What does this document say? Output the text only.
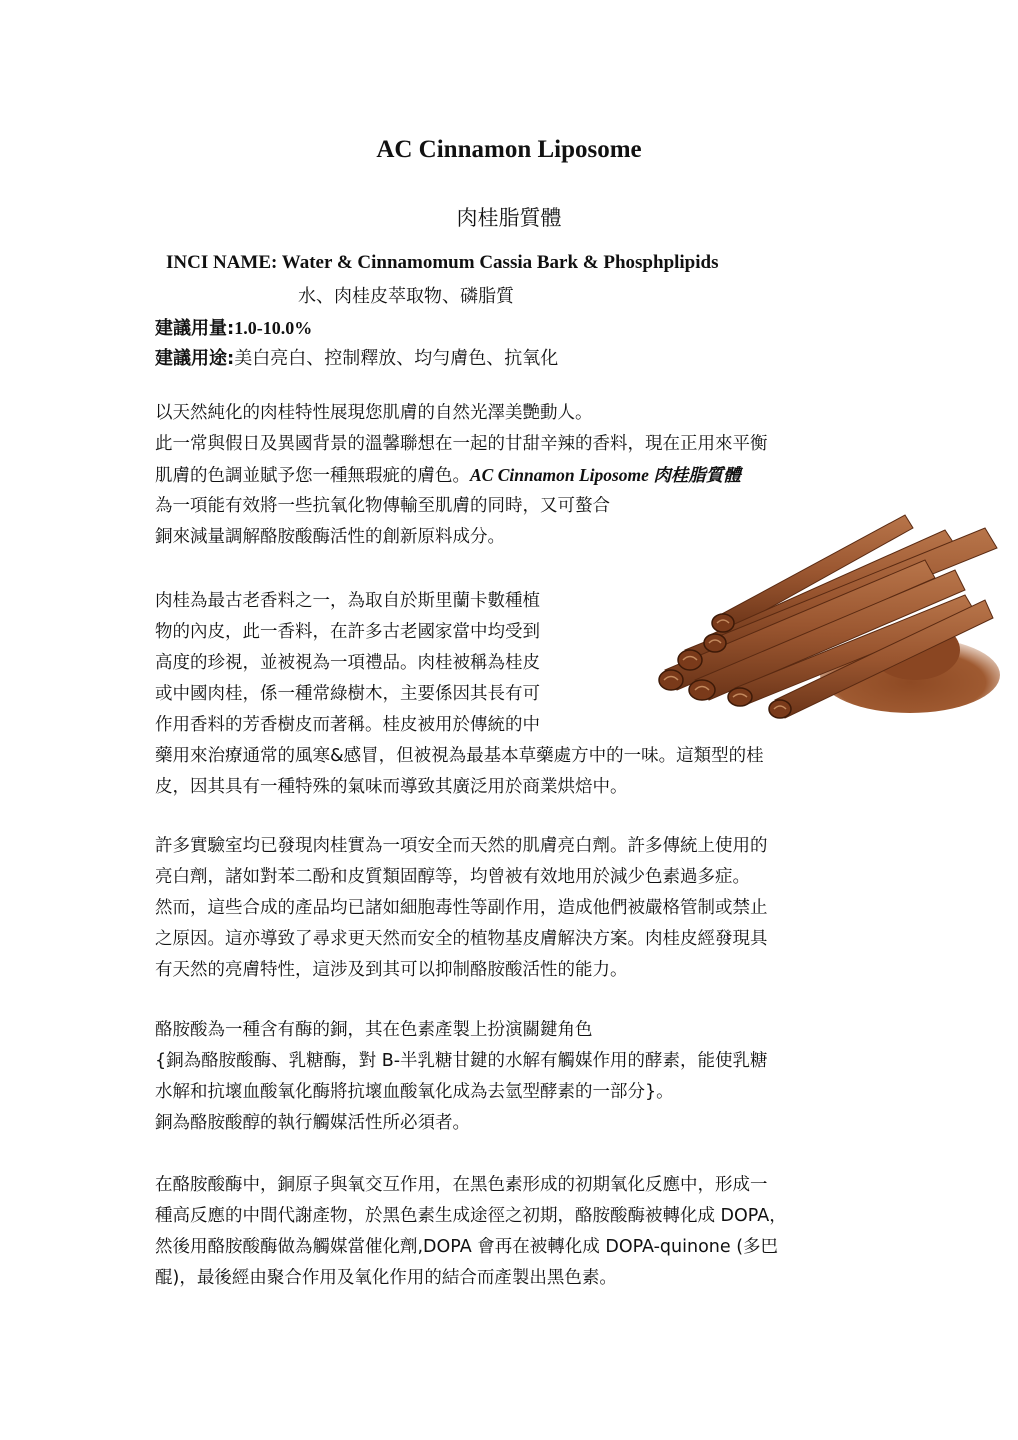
AC Cinnamon Liposome
肉桂脂質體
INCI NAME: Water & Cinnamomum Cassia Bark & Phosphplipids
水、肉桂皮萃取物、磷脂質
建議用量:1.0-10.0%
建議用途:美白亮白、控制釋放、均勻膚色、抗氧化
以天然純化的肉桂特性展現您肌膚的自然光澤美艷動人。
此一常與假日及異國背景的溫馨聯想在一起的甘甜辛辣的香料，現在正用來平衡
肌膚的色調並賦予您一種無瑕疵的膚色。AC Cinnamon Liposome 肉桂脂質體
為一項能有效將一些抗氧化物傳輸至肌膚的同時，又可螯合
銅來減量調解酪胺酸酶活性的創新原料成分。
肉桂為最古老香料之一，為取自於斯里蘭卡數種植
物的內皮，此一香料，在許多古老國家當中均受到
高度的珍視，並被視為一項禮品。肉桂被稱為桂皮
或中國肉桂，係一種常綠樹木，主要係因其長有可
作用香料的芳香樹皮而著稱。桂皮被用於傳統的中
藥用來治療通常的風寒&感冒，但被視為最基本草藥處方中的一味。這類型的桂
皮，因其具有一種特殊的氣味而導致其廣泛用於商業烘焙中。
許多實驗室均已發現肉桂實為一項安全而天然的肌膚亮白劑。許多傳統上使用的
亮白劑，諸如對苯二酚和皮質類固醇等，均曾被有效地用於減少色素過多症。
然而，這些合成的產品均已諸如細胞毒性等副作用，造成他們被嚴格管制或禁止
之原因。這亦導致了尋求更天然而安全的植物基皮膚解決方案。肉桂皮經發現具
有天然的亮膚特性，這涉及到其可以抑制酪胺酸活性的能力。
酪胺酸為一種含有酶的銅，其在色素產製上扮演關鍵角色
{銅為酪胺酸酶、乳糖酶，對 B-半乳糖甘鍵的水解有觸媒作用的酵素，能使乳糖
水解和抗壞血酸氧化酶將抗壞血酸氧化成為去氫型酵素的一部分}。
銅為酪胺酸醇的執行觸媒活性所必須者。
在酪胺酸酶中，銅原子與氧交互作用，在黑色素形成的初期氧化反應中，形成一
種高反應的中間代謝產物，於黑色素生成途徑之初期，酪胺酸酶被轉化成 DOPA，
然後用酪胺酸酶做為觸媒當催化劑,DOPA 會再在被轉化成 DOPA-quinone (多巴
醌)，最後經由聚合作用及氧化作用的結合而產製出黑色素。
